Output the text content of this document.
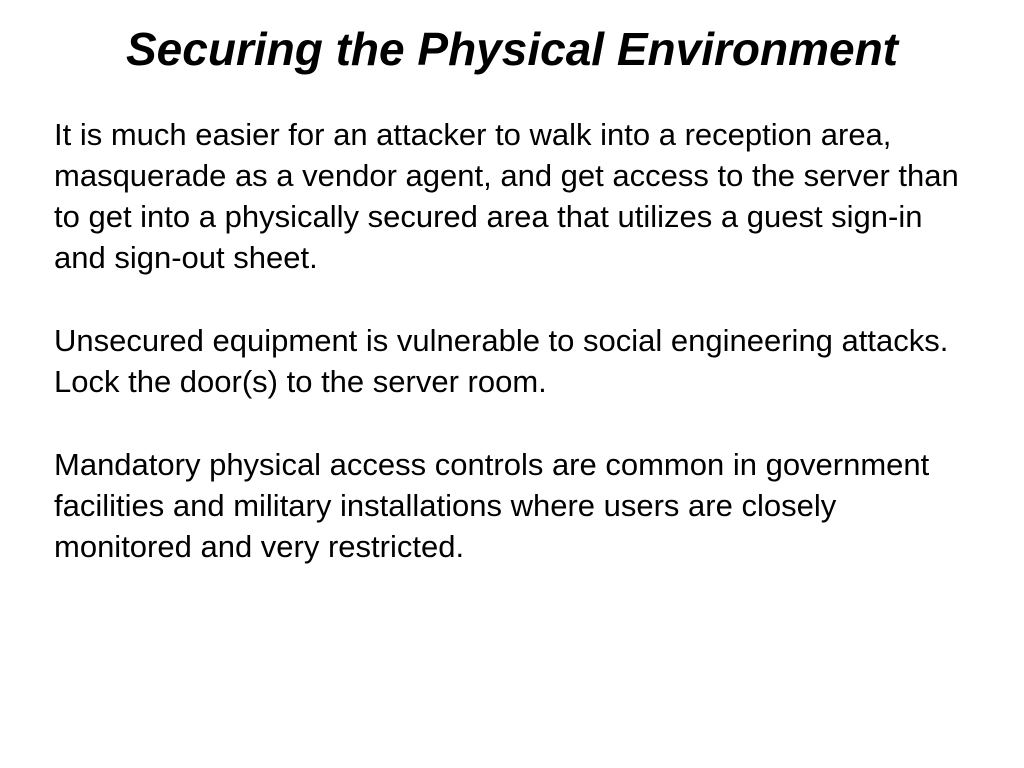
Securing the Physical Environment

It is much easier for an attacker to walk into a reception area, masquerade as a vendor agent, and get access to the server than to get into a physically secured area that utilizes a guest sign-in and sign-out sheet.

Unsecured equipment is vulnerable to social engineering attacks. Lock the door(s) to the server room.

Mandatory physical access controls are common in government facilities and military installations where users are closely monitored and very restricted.
